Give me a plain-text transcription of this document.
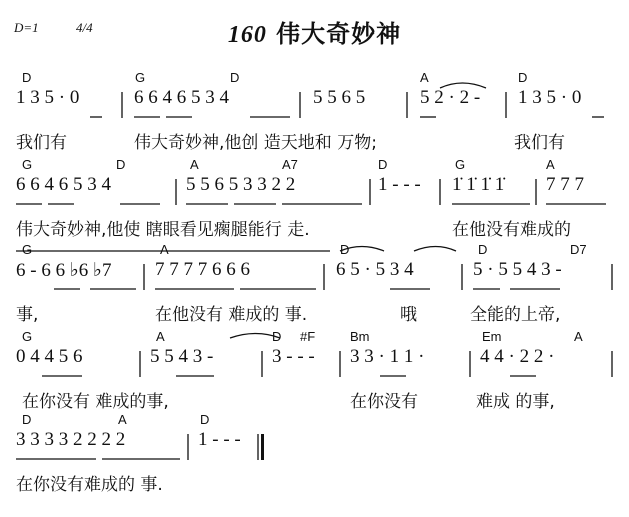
D=1	4/4	160 伟大奇妙神
D	G	D	A	D
1 3 5 · 0	6 6 4 6 5 3 4	5 5 6 5	5 2 · 2 - 1 3 5 · 0
我们有	伟大奇妙神,他创 造天地和 万物;	我们有
G	D	A	A7	D	G	A
6 6 4 6 5 3 4	5 5 6 5 3 3 2 2	1 - - - 1̇ 1̇ 1̇ 1̇ 7 7 7
伟大奇妙神,他使 瞎眼看见瘸腿能行 走.	在他没有难成的
G	A	D	D	D7
6 - 6 6 ♭6 ♭7 7 7 7 7 6 6 6	6 5 · 5 3 4	5 · 5 5 4 3 -
事,	在他没有 难成的 事.	哦	全能的上帝,
G	A	D #F	Bm	Em	A
0 4 4 5 6	5 5 4 3 -	3 - - - 3 3 · 1 1 ·	4 4 · 2 2 ·
在你没有 难成的事,	在你没有	难成 的事,
D	A	D
3 3 3 3 2 2 2 2	1 - - -
在你没有难成的 事.
